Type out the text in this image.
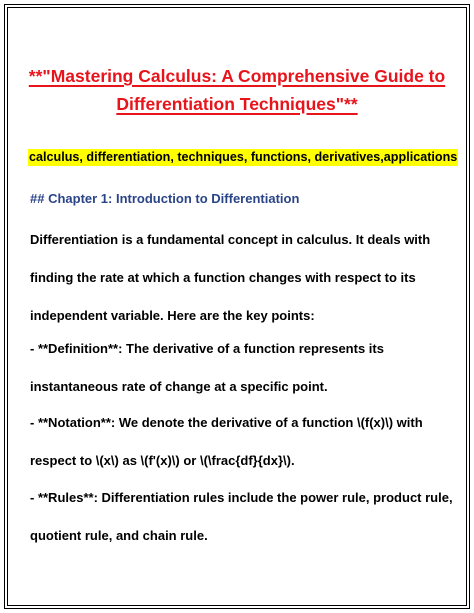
**"Mastering Calculus: A Comprehensive Guide to
Differentiation Techniques"**

calculus, differentiation, techniques, functions, derivatives,applications

## Chapter 1: Introduction to Differentiation
Differentiation is a fundamental concept in calculus. It deals with
finding the rate at which a function changes with respect to its
independent variable. Here are the key points:
- **Definition**: The derivative of a function represents its
instantaneous rate of change at a specific point.
- **Notation**: We denote the derivative of a function \(f(x)\) with
respect to \(x\) as \(f'(x)\) or \(\frac{df}{dx}\).
- **Rules**: Differentiation rules include the power rule, product rule,
quotient rule, and chain rule.
